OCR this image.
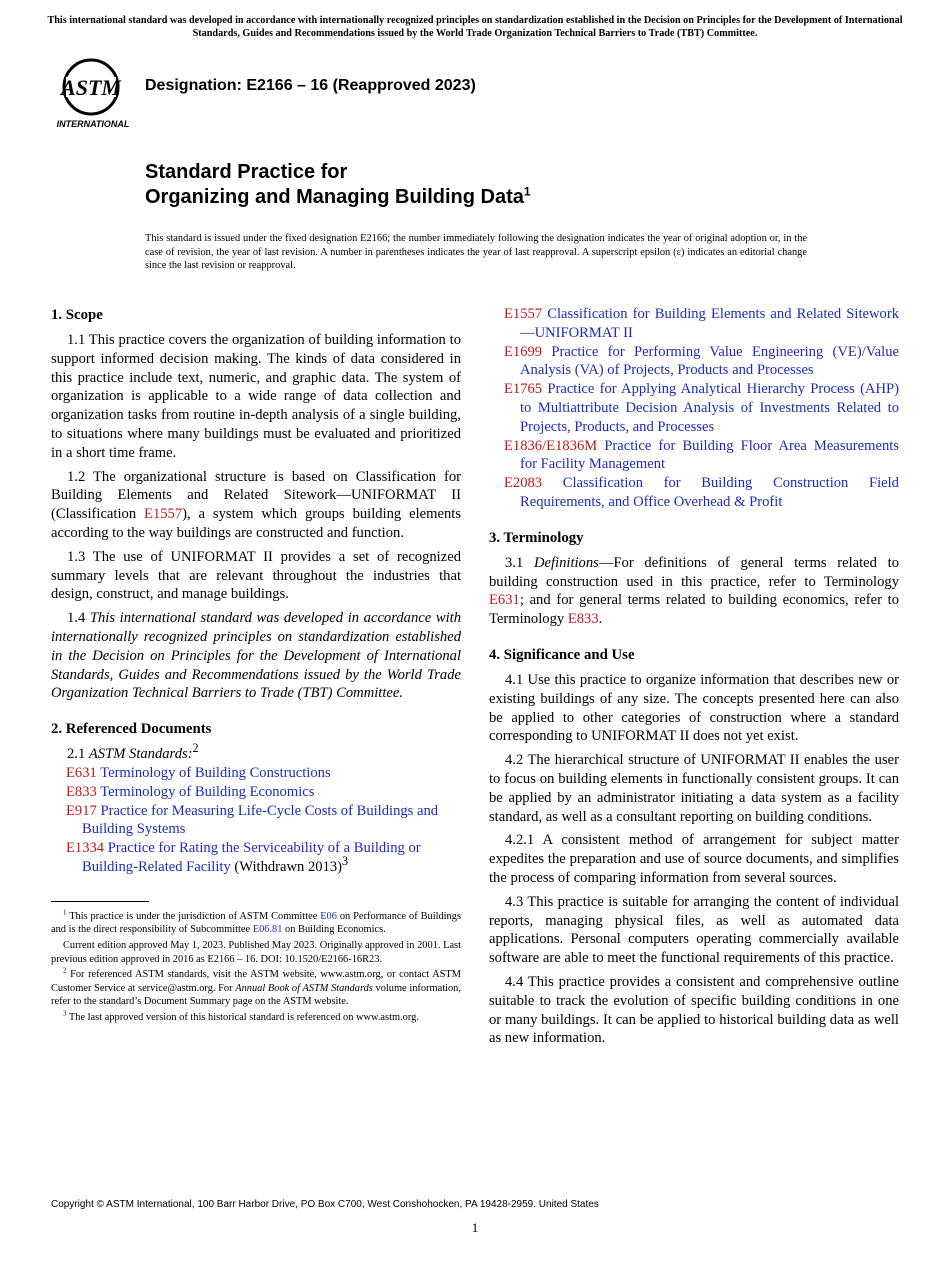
This international standard was developed in accordance with internationally recognized principles on standardization established in the Decision on Principles for the Development of International Standards, Guides and Recommendations issued by the World Trade Organization Technical Barriers to Trade (TBT) Committee.
ASTM
INTERNATIONAL
Designation: E2166 – 16 (Reapproved 2023)
Standard Practice for
Organizing and Managing Building Data$^1$
This standard is issued under the fixed designation E2166; the number immediately following the designation indicates the year of original adoption or, in the case of revision, the year of last revision. A number in parentheses indicates the year of last reapproval. A superscript epsilon (ε) indicates an editorial change since the last revision or reapproval.
1. Scope

1.1 This practice covers the organization of building information to support informed decision making. The kinds of data considered in this practice include text, numeric, and graphic data. The system of organization is applicable to a wide range of data collection and organization tasks from routine in-depth analysis of a single building, to situations where many buildings must be evaluated and prioritized in a short time frame.

1.2 The organizational structure is based on Classification for Building Elements and Related Sitework—UNIFORMAT II (Classification E1557), a system which groups building elements according to the way buildings are constructed and function.

1.3 The use of UNIFORMAT II provides a set of recognized summary levels that are relevant throughout the industries that design, construct, and manage buildings.

1.4 This international standard was developed in accordance with internationally recognized principles on standardization established in the Decision on Principles for the Development of International Standards, Guides and Recommendations issued by the World Trade Organization Technical Barriers to Trade (TBT) Committee.

2. Referenced Documents

2.1 ASTM Standards:$^2$

E631 Terminology of Building Constructions

E833 Terminology of Building Economics

E917 Practice for Measuring Life-Cycle Costs of Buildings and Building Systems

E1334 Practice for Rating the Serviceability of a Building or Building-Related Facility (Withdrawn 2013)$^3$

$^1$ This practice is under the jurisdiction of ASTM Committee E06 on Performance of Buildings and is the direct responsibility of Subcommittee E06.81 on Building Economics.

Current edition approved May 1, 2023. Published May 2023. Originally approved in 2001. Last previous edition approved in 2016 as E2166 – 16. DOI: 10.1520/E2166-16R23.

$^2$ For referenced ASTM standards, visit the ASTM website, www.astm.org, or contact ASTM Customer Service at service@astm.org. For Annual Book of ASTM Standards volume information, refer to the standard’s Document Summary page on the ASTM website.

$^3$ The last approved version of this historical standard is referenced on www.astm.org.

E1557 Classification for Building Elements and Related Sitework—UNIFORMAT II

E1699 Practice for Performing Value Engineering (VE)/Value Analysis (VA) of Projects, Products and Processes

E1765 Practice for Applying Analytical Hierarchy Process (AHP) to Multiattribute Decision Analysis of Investments Related to Projects, Products, and Processes

E1836/E1836M Practice for Building Floor Area Measurements for Facility Management

E2083 Classification for Building Construction Field Requirements, and Office Overhead & Profit

3. Terminology

3.1 Definitions—For definitions of general terms related to building construction used in this practice, refer to Terminology E631; and for general terms related to building economics, refer to Terminology E833.

4. Significance and Use

4.1 Use this practice to organize information that describes new or existing buildings of any size. The concepts presented here can also be applied to other categories of construction where a standard corresponding to UNIFORMAT II does not yet exist.

4.2 The hierarchical structure of UNIFORMAT II enables the user to focus on building elements in functionally consistent groups. It can be applied by an administrator initiating a data system as a facility standard, as well as a consultant reporting on building conditions.

4.2.1 A consistent method of arrangement for subject matter expedites the preparation and use of source documents, and simplifies the process of comparing information from several sources.

4.3 This practice is suitable for arranging the content of individual reports, managing physical files, as well as automated data applications. Personal computers operating commercially available software are able to meet the functional requirements of this practice.

4.4 This practice provides a consistent and comprehensive outline suitable to track the evolution of specific building conditions in one or many buildings. It can be applied to historical building data as well as new information.

Copyright © ASTM International, 100 Barr Harbor Drive, PO Box C700, West Conshohocken, PA 19428-2959. United States
1
